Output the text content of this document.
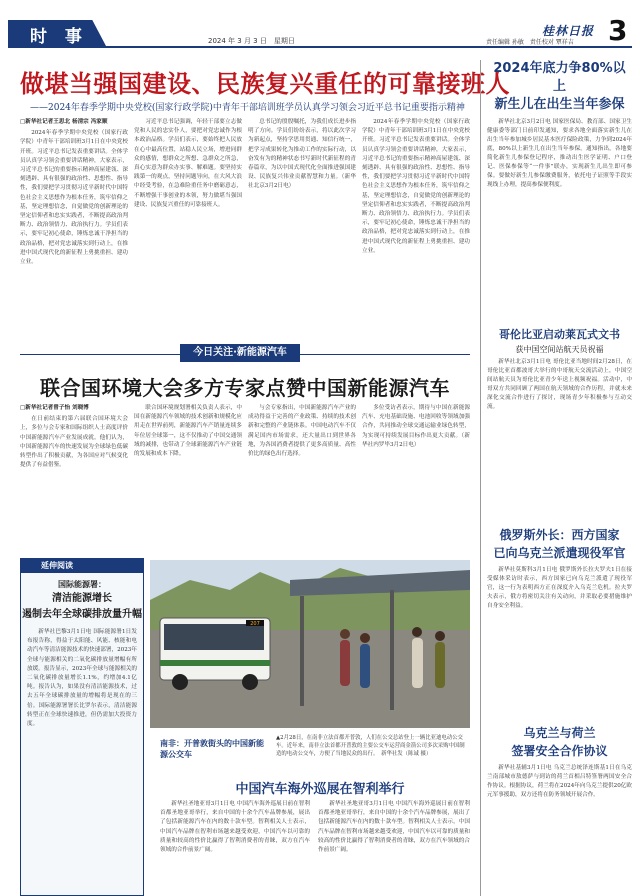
时 事	2024 年 3 月 3 日　星期日
桂林日报 3
责任编辑 孙敏 责任校对 覃祥吉
做堪当强国建设、民族复兴重任的可靠接班人
——2024年春季学期中央党校(国家行政学院)中青年干部培训班学员认真学习领会习近平总书记重要指示精神
□新华社记者王思北 杨清宗 冯家顺

2024年春季学期中央党校（国家行政学院）中青年干部培训班3月1日在中央党校开班。习近平总书记发表重要讲话。全体学员认真学习领会重要讲话精神，大家表示，习近平总书记的重要指示精神高屋建瓴、深刻透辟、具有很强的政治性、思想性、指导性，我们要把学习贯彻习近平新时代中国特色社会主义思想作为根本任务，筑牢信仰之基，坚定理想信念，自觉做党的创新理论的坚定信仰者和忠实实践者，不断提高政治判断力、政治领悟力、政治执行力。学员们表示，要牢记初心使命，锤炼忠诚干净担当的政治品格，把对党忠诚落实到行动上，在推进中国式现代化的新征程上勇挑重担、建功立业。

习近平总书记强调，年轻干部要立志做党和人民的忠实仆人，要把对党忠诚作为根本政治品格。学员们表示，要始终把人民放在心中最高位置，站稳人民立场，增进同群众的感情，想群众之所想、急群众之所急，真心实意为群众办实事、解难题。要坚持实践第一的观点，坚持问题导向，在大风大浪中经受考验，在急难险重任务中磨砺意志，不断增强干事创业的本领，努力做堪当强国建设、民族复兴重任的可靠接班人。

总书记的殷殷嘱托，为我们成长进步指明了方向。学员们纷纷表示，将以此次学习为新起点，坚持学思用贯通、知信行统一，把学习成果转化为推动工作的实际行动，以奋发有为的精神状态书写新时代新征程的青春篇章，为以中国式现代化全面推进强国建设、民族复兴伟业贡献智慧和力量。（新华社北京3月2日电）

2024年春季学期中央党校（国家行政学院）中青年干部培训班3月1日在中央党校开班。习近平总书记发表重要讲话。全体学员认真学习领会重要讲话精神，大家表示，习近平总书记的重要指示精神高屋建瓴、深刻透辟、具有很强的政治性、思想性、指导性，我们要把学习贯彻习近平新时代中国特色社会主义思想作为根本任务，筑牢信仰之基，坚定理想信念，自觉做党的创新理论的坚定信仰者和忠实实践者，不断提高政治判断力、政治领悟力、政治执行力。学员们表示，要牢记初心使命，锤炼忠诚干净担当的政治品格，把对党忠诚落实到行动上，在推进中国式现代化的新征程上勇挑重担、建功立业。

2024年底力争80%以上
新生儿在出生当年参保

新华社北京3月2日电 国家医保局、教育部、国家卫生健康委等部门日前印发通知，要求各地全面落实新生儿在出生当年参加城乡居民基本医疗保险政策，力争到2024年底，80%以上新生儿在出生当年参保。通知指出，各地要简化新生儿参保登记程序，推动出生医学证明、户口登记、医保参保等“一件事”联办，实现新生儿出生即可参保。要做好新生儿参保缴费服务，依托电子证照等手段实现线上办理，提高参保便利度。

哥伦比亚启动莱瓦式文书
获中国空间站航天员祝福

新华社北京3月1日电 哥伦比亚当地时间2月28日，在哥伦比亚首都波哥大举行的中哥航天交流活动上，中国空间站航天员为哥伦比亚青少年送上视频祝福。活动中，中哥双方共同回顾了两国在航天领域的合作历程，并就未来深化交流合作进行了探讨，现场青少年积极参与互动交流。

俄罗斯外长：西方国家
已向乌克兰派遣现役军官

新华社莫斯科3月1日电 俄罗斯外长拉夫罗夫1日在接受媒体采访时表示，西方国家已向乌克兰派遣了现役军官，这一行为表明西方正在深度介入乌克兰危机。拉夫罗夫表示，俄方将密切关注有关动向，并采取必要措施维护自身安全利益。

乌克兰与荷兰
签署安全合作协议

新华社基辅3月1日电 乌克兰总统泽连斯基1日在乌克兰南部城市敖德萨与到访的荷兰首相吕特签署两国安全合作协议。根据协议，荷兰将在2024年向乌克兰提供20亿欧元军事援助，双方还将在防务领域开展合作。

今日关注·新能源汽车
联合国环境大会多方专家点赞中国新能源汽车
□新华社记者曾子怡 刘晓博

在日前结束的第六届联合国环境大会上，多位与会专家和国际组织人士高度评价中国新能源汽车产业发展成就。他们认为，中国新能源汽车的快速发展为全球绿色低碳转型作出了积极贡献，为各国应对气候变化提供了有益借鉴。

联合国环境规划署相关负责人表示，中国在新能源汽车领域的技术创新和规模化应用走在世界前列，新能源汽车产销量连续多年位居全球第一，这不仅推动了中国交通领域的减排，也带动了全球新能源汽车产业链的发展和成本下降。

与会专家指出，中国新能源汽车产业的成功得益于完善的产业政策、持续的技术创新和完整的产业链体系。中国电动汽车不仅满足国内市场需求，还大量出口到世界各地，为各国消费者提供了更多高质量、高性价比的绿色出行选择。

多位受访者表示，期待与中国在新能源汽车、充电基础设施、电池回收等领域加强合作，共同推动全球交通运输业绿色转型，为实现可持续发展目标作出更大贡献。（新华社内罗毕3月2日电）

延伸阅读
国际能源署：
清洁能源增长
遏制去年全球碳排放量升幅

新华社巴黎3月1日电 国际能源署1日发布报告称，得益于太阳能、风能、核能和电动汽车等清洁能源技术的快速部署，2023年全球与能源相关的二氧化碳排放量增幅有所放缓。报告显示，2023年全球与能源相关的二氧化碳排放量增长1.1%，约增加4.1亿吨。报告认为，如果没有清洁能源技术，过去五年全球碳排放量的增幅将是现在的三倍。国际能源署署长比罗尔表示，清洁能源转型正在全球快速推进，但仍需加大投资力度。

207
南非：开普敦街头的中国新能源公交车
▲2月28日，在南非立法首都开普敦，人们在公交总站登上一辆比亚迪电动公交车。近年来，南非立法首都开普敦的主要公交车运营商金箭公司多次采购中国制造的电动公交车，方便了当地民众的出行。　新华社发（陈诚 摄）
中国汽车海外巡展在智利举行

新华社圣地亚哥3月1日电 中国汽车海外巡展日前在智利首都圣地亚哥举行，来自中国的十余个汽车品牌参展，展出了包括新能源汽车在内的数十款车型。智利相关人士表示，中国汽车品牌在智利市场越来越受欢迎，中国汽车以可靠的质量和较高的性价比赢得了智利消费者的青睐，双方在汽车领域的合作前景广阔。

新华社圣地亚哥3月1日电 中国汽车海外巡展日前在智利首都圣地亚哥举行，来自中国的十余个汽车品牌参展，展出了包括新能源汽车在内的数十款车型。智利相关人士表示，中国汽车品牌在智利市场越来越受欢迎，中国汽车以可靠的质量和较高的性价比赢得了智利消费者的青睐，双方在汽车领域的合作前景广阔。
